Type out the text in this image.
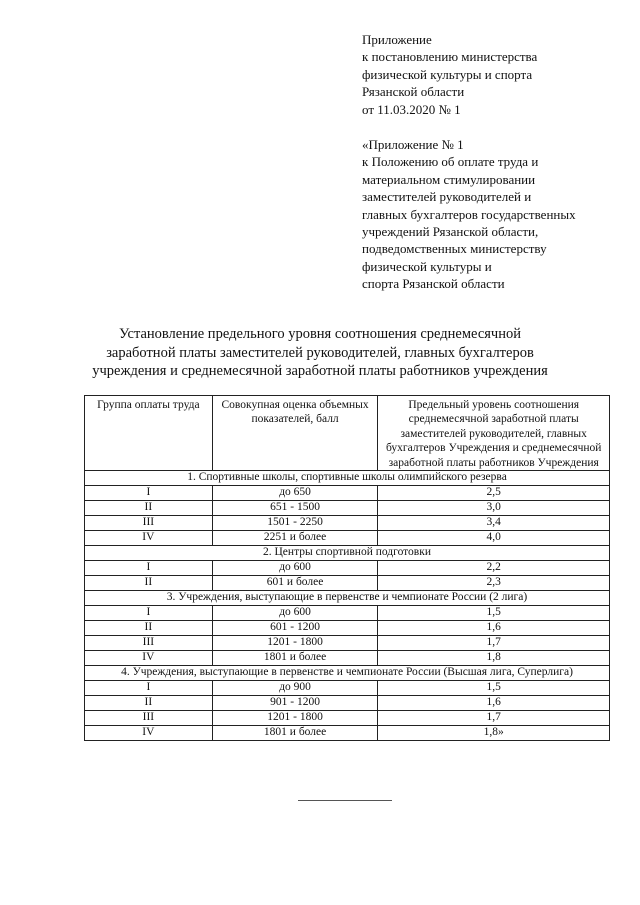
Приложение
к постановлению министерства
физической культуры и спорта
Рязанской области
от 11.03.2020 № 1
«Приложение № 1
к Положению об оплате труда и
материальном стимулировании
заместителей руководителей и
главных бухгалтеров государственных
учреждений Рязанской области,
подведомственных министерству
физической культуры и
спорта Рязанской области
Установление предельного уровня соотношения среднемесячной
заработной платы заместителей руководителей, главных бухгалтеров
учреждения и среднемесячной заработной платы работников учреждения
Группа оплаты труда	Совокупная оценка объемных показателей, балл	Предельный уровень соотношения среднемесячной заработной платы заместителей руководителей, главных бухгалтеров Учреждения и среднемесячной заработной платы работников Учреждения
1. Спортивные школы, спортивные школы олимпийского резерва		
I	до 650	2,5
II	651 - 1500	3,0
III	1501 - 2250	3,4
IV	2251 и более	4,0
2. Центры спортивной подготовки		
I	до 600	2,2
II	601 и более	2,3
3. Учреждения, выступающие в первенстве и чемпионате России (2 лига)		
I	до 600	1,5
II	601 - 1200	1,6
III	1201 - 1800	1,7
IV	1801 и более	1,8
4. Учреждения, выступающие в первенстве и чемпионате России (Высшая лига, Суперлига)		
I	до 900	1,5
II	901 - 1200	1,6
III	1201 - 1800	1,7
IV	1801 и более	1,8»
